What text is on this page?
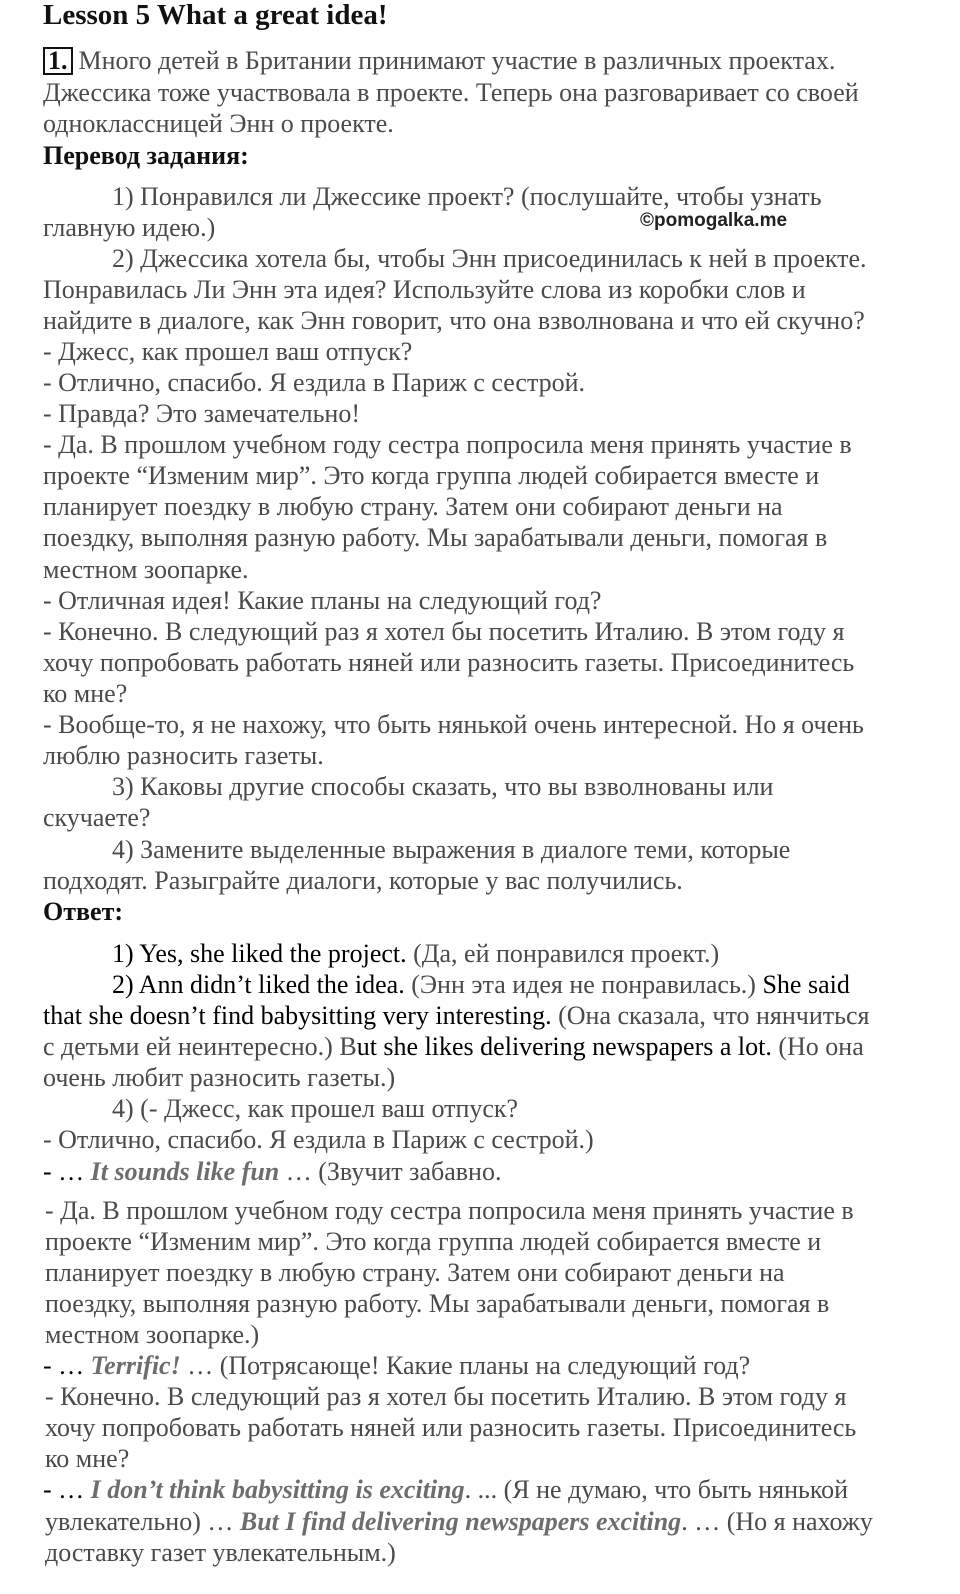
Lesson 5 What a great idea!
1. Много детей в Британии принимают участие в различных проектах.
Джессика тоже участвовала в проекте. Теперь она разговаривает со своей
одноклассницей Энн о проекте.
Перевод задания:
©pomogalka.me
1) Понравился ли Джессике проект? (послушайте, чтобы узнать
главную идею.)
2) Джессика хотела бы, чтобы Энн присоединилась к ней в проекте.
Понравилась Ли Энн эта идея? Используйте слова из коробки слов и
найдите в диалоге, как Энн говорит, что она взволнована и что ей скучно?
- Джесс, как прошел ваш отпуск?
- Отлично, спасибо. Я ездила в Париж с сестрой.
- Правда? Это замечательно!
- Да. В прошлом учебном году сестра попросила меня принять участие в
проекте “Изменим мир”. Это когда группа людей собирается вместе и
планирует поездку в любую страну. Затем они собирают деньги на
поездку, выполняя разную работу. Мы зарабатывали деньги, помогая в
местном зоопарке.
- Отличная идея! Какие планы на следующий год?
- Конечно. В следующий раз я хотел бы посетить Италию. В этом году я
хочу попробовать работать няней или разносить газеты. Присоединитесь
ко мне?
- Вообще-то, я не нахожу, что быть нянькой очень интересной. Но я очень
люблю разносить газеты.
3) Каковы другие способы сказать, что вы взволнованы или
скучаете?
4) Замените выделенные выражения в диалоге теми, которые
подходят. Разыграйте диалоги, которые у вас получились.
Ответ:
1) Yes, she liked the project. (Да, ей понравился проект.)
2) Ann didn’t liked the idea. (Энн эта идея не понравилась.) She said
that she doesn’t find babysitting very interesting. (Она сказала, что нянчиться
с детьми ей неинтересно.) But she likes delivering newspapers a lot. (Но она
очень любит разносить газеты.)
4) (- Джесс, как прошел ваш отпуск?
- Отлично, спасибо. Я ездила в Париж с сестрой.)
- … It sounds like fun … (Звучит забавно.
- Да. В прошлом учебном году сестра попросила меня принять участие в
проекте “Изменим мир”. Это когда группа людей собирается вместе и
планирует поездку в любую страну. Затем они собирают деньги на
поездку, выполняя разную работу. Мы зарабатывали деньги, помогая в
местном зоопарке.)
- … Terrific! … (Потрясающе! Какие планы на следующий год?
- Конечно. В следующий раз я хотел бы посетить Италию. В этом году я
хочу попробовать работать няней или разносить газеты. Присоединитесь
ко мне?
- … I don’t think babysitting is exciting. ... (Я не думаю, что быть нянькой
увлекательно) … But I find delivering newspapers exciting. … (Но я нахожу
доставку газет увлекательным.)
